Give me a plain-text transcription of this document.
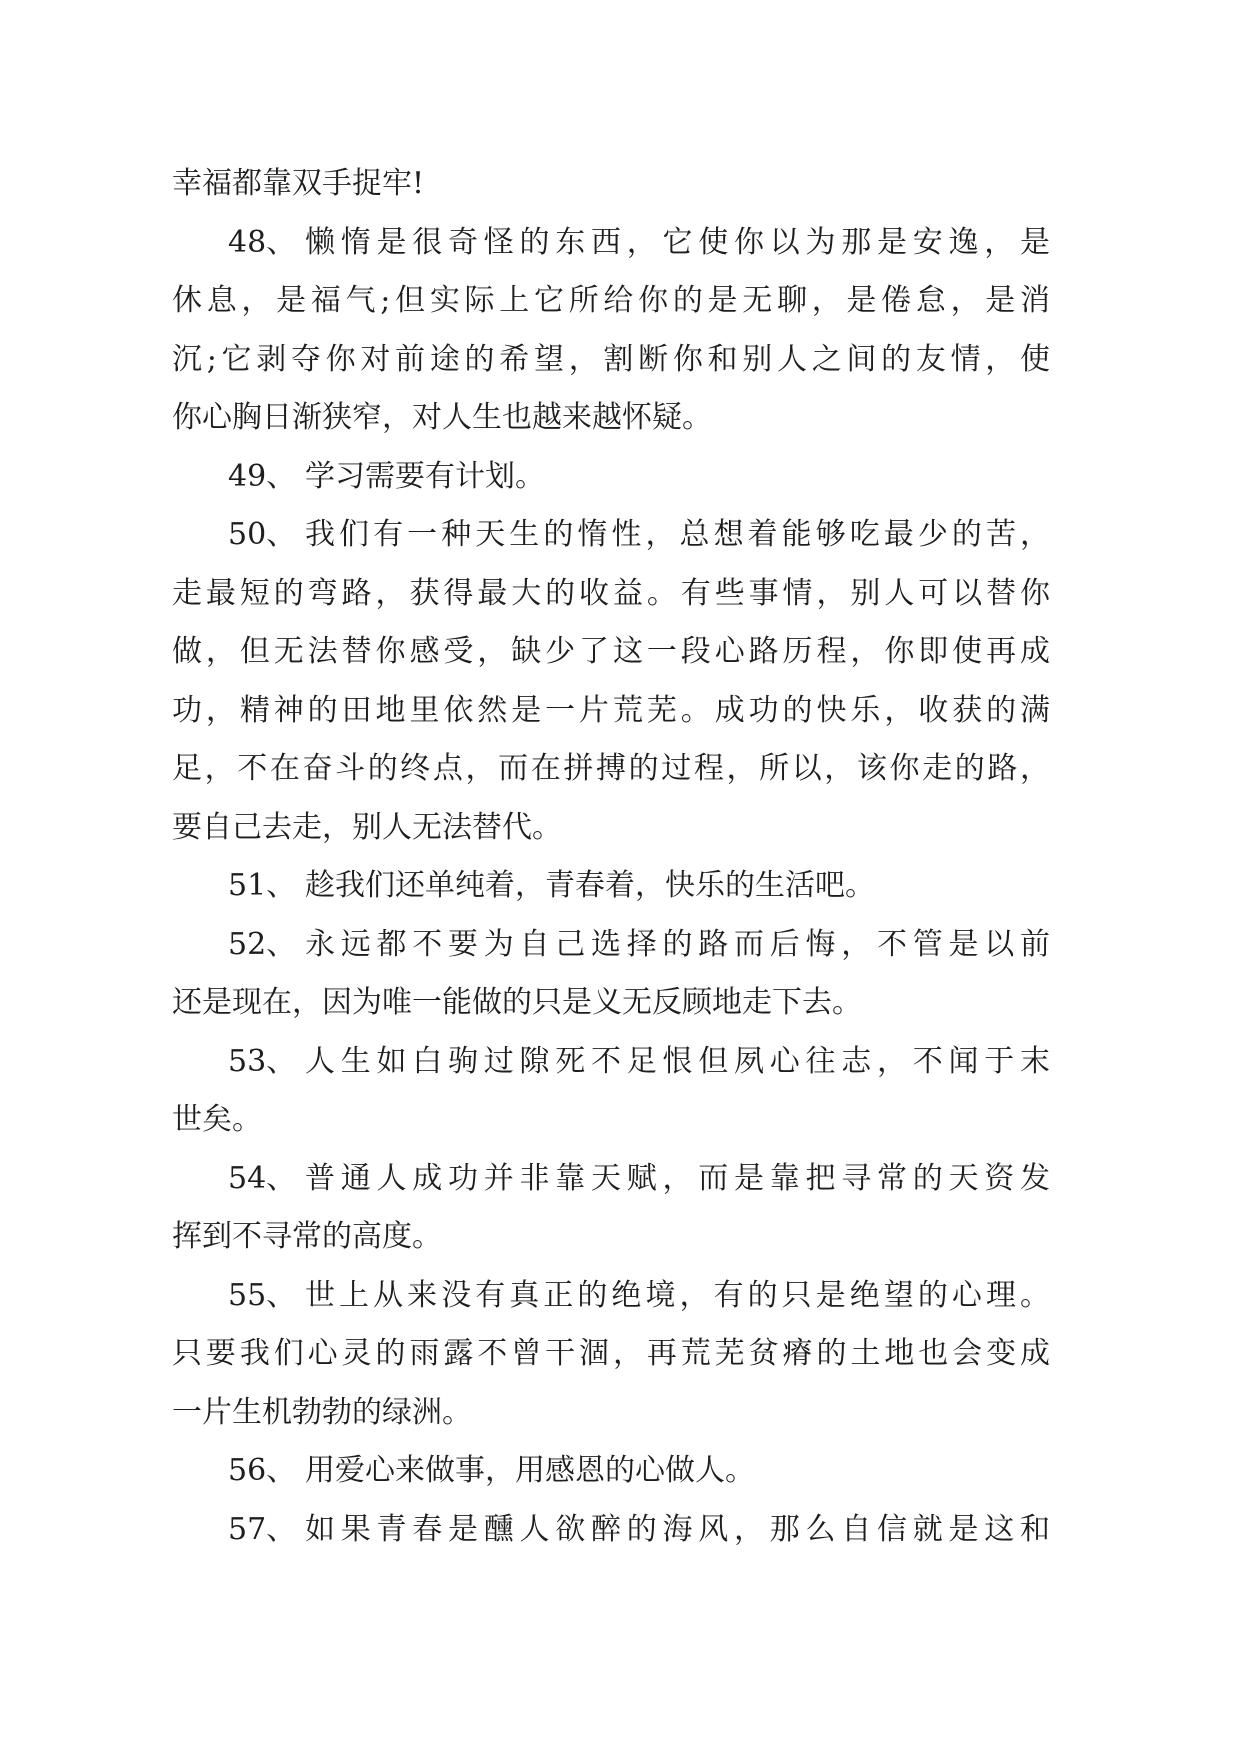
幸福都靠双手捉牢!
48、 懒惰是很奇怪的东西，它使你以为那是安逸，是
休息，是福气;但实际上它所给你的是无聊，是倦怠，是消
沉;它剥夺你对前途的希望，割断你和别人之间的友情，使
你心胸日渐狭窄，对人生也越来越怀疑。
49、 学习需要有计划。
50、 我们有一种天生的惰性，总想着能够吃最少的苦，
走最短的弯路，获得最大的收益。有些事情，别人可以替你
做，但无法替你感受，缺少了这一段心路历程，你即使再成
功，精神的田地里依然是一片荒芜。成功的快乐，收获的满
足，不在奋斗的终点，而在拼搏的过程，所以，该你走的路，
要自己去走，别人无法替代。
51、 趁我们还单纯着，青春着，快乐的生活吧。
52、 永远都不要为自己选择的路而后悔，不管是以前
还是现在，因为唯一能做的只是义无反顾地走下去。
53、 人生如白驹过隙死不足恨但夙心往志，不闻于末
世矣。
54、 普通人成功并非靠天赋，而是靠把寻常的天资发
挥到不寻常的高度。
55、 世上从来没有真正的绝境，有的只是绝望的心理。
只要我们心灵的雨露不曾干涸，再荒芜贫瘠的土地也会变成
一片生机勃勃的绿洲。
56、 用爱心来做事，用感恩的心做人。
57、 如果青春是醺人欲醉的海风，那么自信就是这和
